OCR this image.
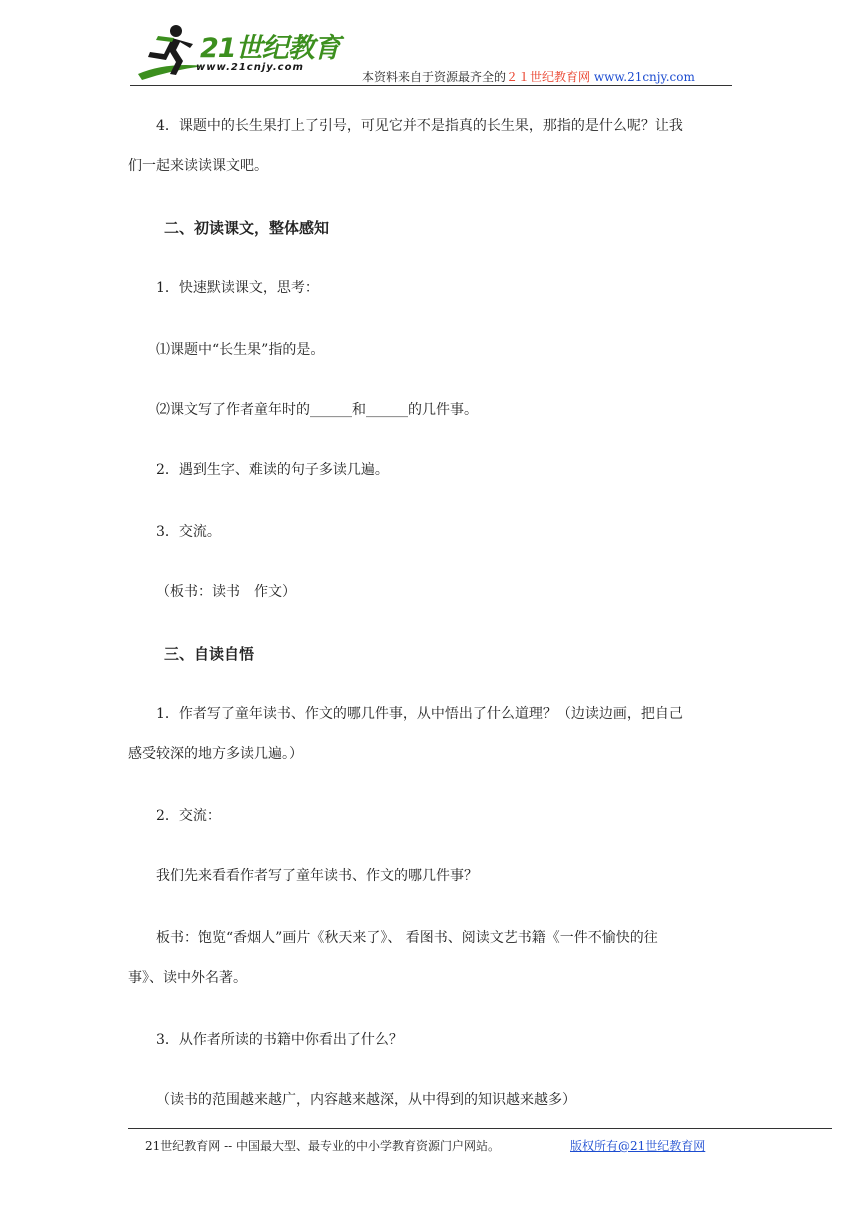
21世纪教育
www.21cnjy.com
本资料来自于资源最齐全的２１世纪教育网 www.21cnjy.com
4．课题中的长生果打上了引号，可见它并不是指真的长生果，那指的是什么呢？让我
们一起来读读课文吧。
二、初读课文，整体感知
1．快速默读课文，思考：
⑴课题中“长生果”指的是。
⑵课文写了作者童年时的______和______的几件事。
2．遇到生字、难读的句子多读几遍。
3．交流。
（板书：读书　作文）
三、自读自悟
1．作者写了童年读书、作文的哪几件事，从中悟出了什么道理？（边读边画，把自己
感受较深的地方多读几遍。）
2．交流：
我们先来看看作者写了童年读书、作文的哪几件事？
板书：饱览“香烟人”画片《秋天来了》、 看图书、阅读文艺书籍《一件不愉快的往
事》、读中外名著。
3．从作者所读的书籍中你看出了什么？
（读书的范围越来越广，内容越来越深，从中得到的知识越来越多）
21世纪教育网 -- 中国最大型、最专业的中小学教育资源门户网站。	版权所有@21世纪教育网
